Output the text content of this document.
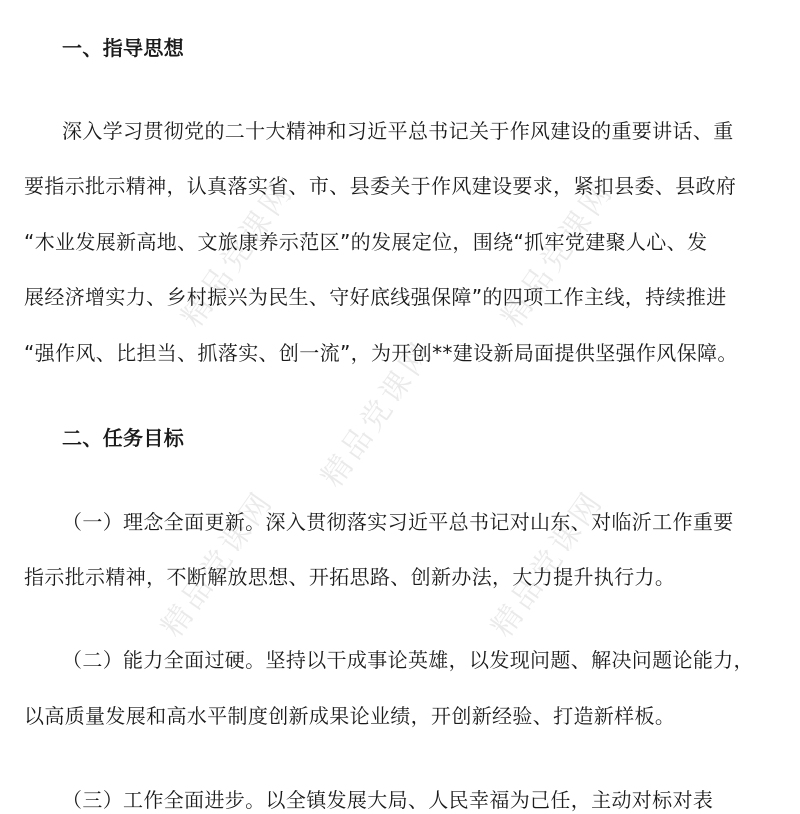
精品党课网	精品党课网
精品党课网
精品党课网	精品党课网
一、指导思想
深入学习贯彻党的二十大精神和习近平总书记关于作风建设的重要讲话、重
要指示批示精神，认真落实省、市、县委关于作风建设要求，紧扣县委、县政府
“木业发展新高地、文旅康养示范区”的发展定位，围绕“抓牢党建聚人心、发
展经济增实力、乡村振兴为民生、守好底线强保障”的四项工作主线，持续推进
“强作风、比担当、抓落实、创一流”，为开创**建设新局面提供坚强作风保障。
二、任务目标
（一）理念全面更新。深入贯彻落实习近平总书记对山东、对临沂工作重要
指示批示精神，不断解放思想、开拓思路、创新办法，大力提升执行力。
（二）能力全面过硬。坚持以干成事论英雄，以发现问题、解决问题论能力，
以高质量发展和高水平制度创新成果论业绩，开创新经验、打造新样板。
（三）工作全面进步。以全镇发展大局、人民幸福为己任，主动对标对表
